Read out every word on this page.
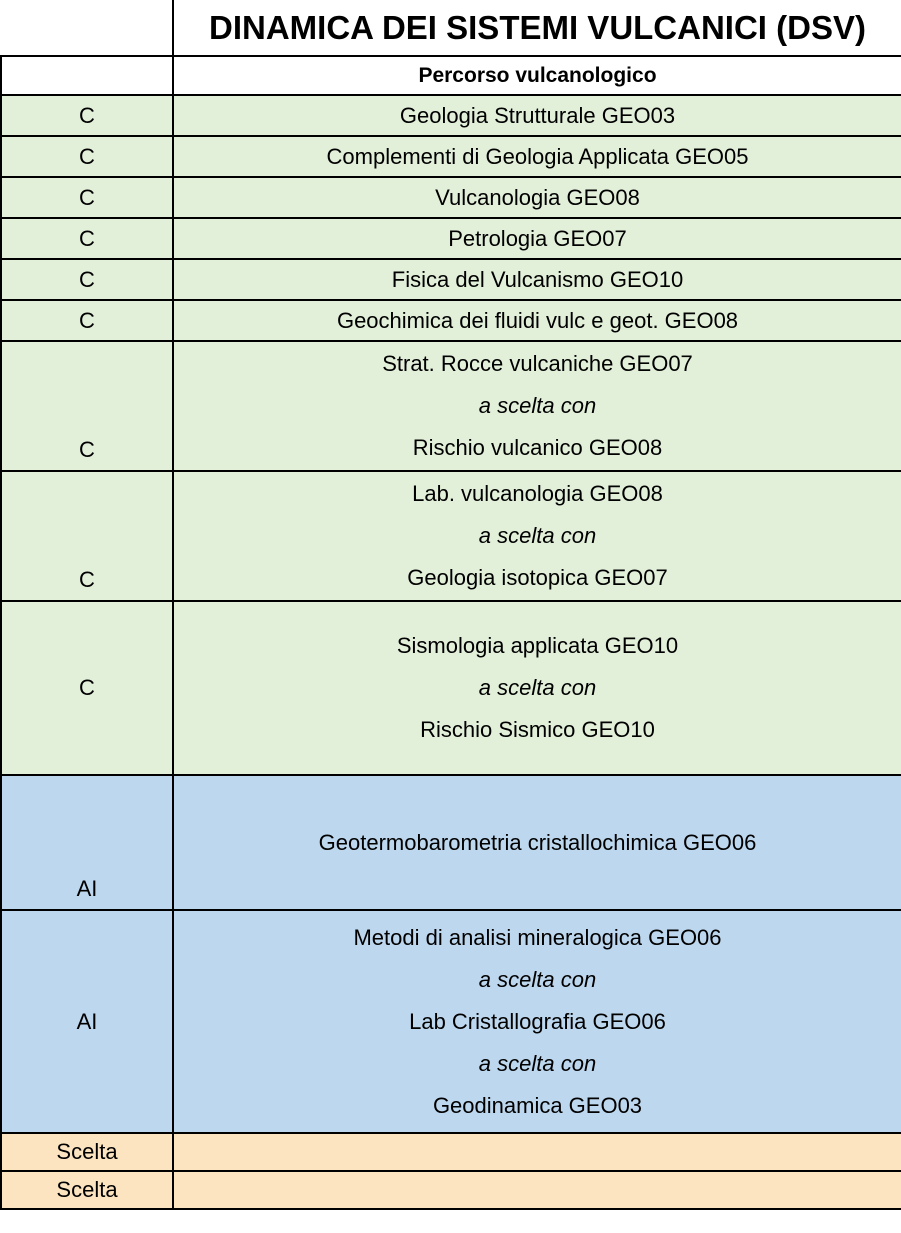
	DINAMICA DEI SISTEMI VULCANICI (DSV)
	Percorso vulcanologico
C	Geologia Strutturale GEO03
C	Complementi di Geologia Applicata GEO05
C	Vulcanologia GEO08
C	Petrologia GEO07
C	Fisica del Vulcanismo GEO10
C	Geochimica dei fluidi vulc e geot. GEO08
C	Strat. Rocce vulcaniche GEO07
a scelta con
Rischio vulcanico GEO08

C	Lab. vulcanologia GEO08
a scelta con
Geologia isotopica GEO07

C	Sismologia applicata GEO10
a scelta con
Rischio Sismico GEO10

AI	Geotermobarometria cristallochimica GEO06
AI	Metodi di analisi mineralogica GEO06
a scelta con
Lab Cristallografia GEO06
a scelta con
Geodinamica GEO03

Scelta	
Scelta	
